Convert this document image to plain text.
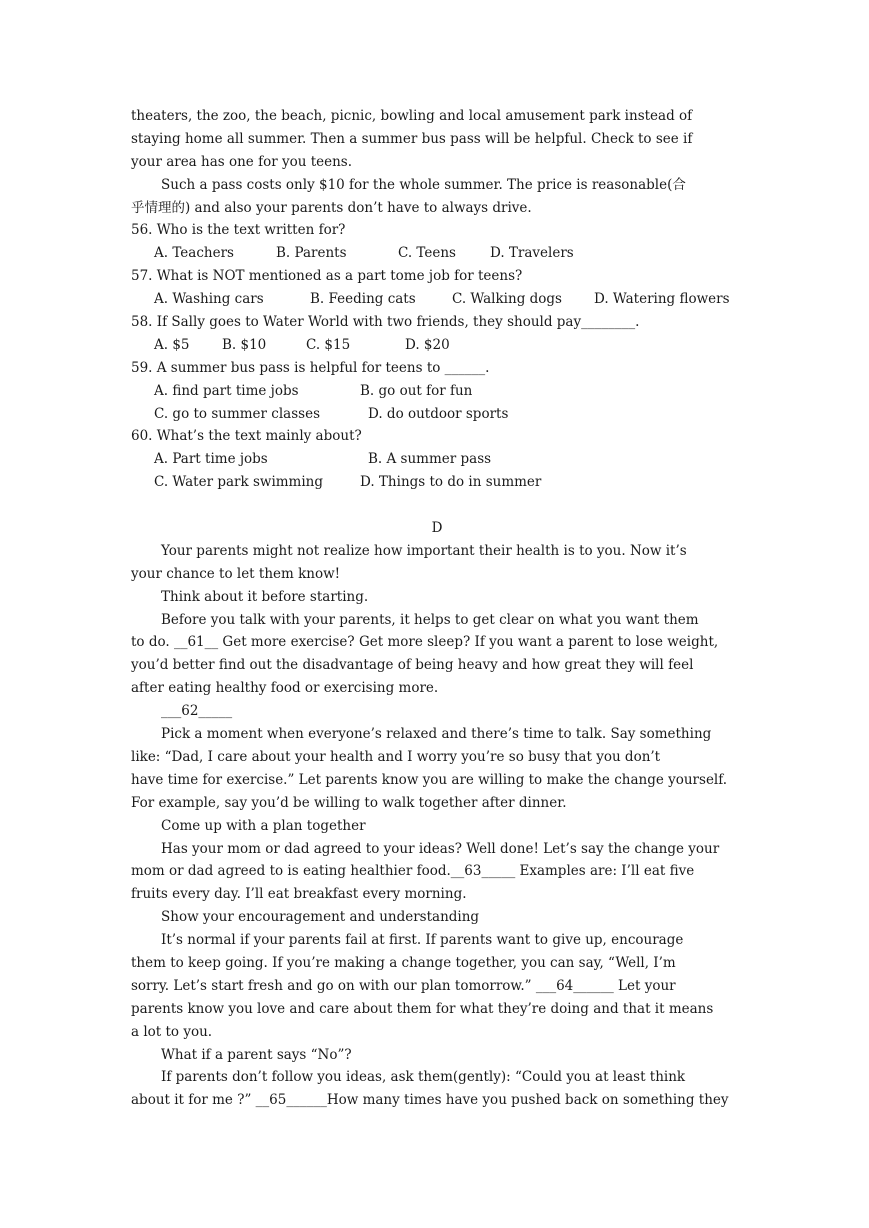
theaters, the zoo, the beach, picnic, bowling and local amusement park instead of
staying home all summer. Then a summer bus pass will be helpful. Check to see if
your area has one for you teens.
Such a pass costs only $10 for the whole summer. The price is reasonable(合
乎情理的) and also your parents don’t have to always drive.
56. Who is the text written for?
A. Teachers	B. Parents	C. Teens	D. Travelers
57. What is NOT mentioned as a part tome job for teens?
A. Washing cars	B. Feeding cats	C. Walking dogs	D. Watering flowers
58. If Sally goes to Water World with two friends, they should pay________.
A. $5	B. $10	C. $15	D. $20
59. A summer bus pass is helpful for teens to ______.
A. find part time jobs	B. go out for fun
C. go to summer classes	D. do outdoor sports
60. What’s the text mainly about?
A. Part time jobs	B. A summer pass
C. Water park swimming	D. Things to do in summer
D
Your parents might not realize how important their health is to you. Now it’s
your chance to let them know!
Think about it before starting.
Before you talk with your parents, it helps to get clear on what you want them
to do. __61__ Get more exercise? Get more sleep? If you want a parent to lose weight,
you’d better find out the disadvantage of being heavy and how great they will feel
after eating healthy food or exercising more.
___62_____
Pick a moment when everyone’s relaxed and there’s time to talk. Say something
like: “Dad, I care about your health and I worry you’re so busy that you don’t
have time for exercise.” Let parents know you are willing to make the change yourself.
For example, say you’d be willing to walk together after dinner.
Come up with a plan together
Has your mom or dad agreed to your ideas? Well done! Let’s say the change your
mom or dad agreed to is eating healthier food.__63_____ Examples are: I’ll eat five
fruits every day. I’ll eat breakfast every morning.
Show your encouragement and understanding
It’s normal if your parents fail at first. If parents want to give up, encourage
them to keep going. If you’re making a change together, you can say, “Well, I’m
sorry. Let’s start fresh and go on with our plan tomorrow.” ___64______ Let your
parents know you love and care about them for what they’re doing and that it means
a lot to you.
What if a parent says “No”?
If parents don’t follow you ideas, ask them(gently): “Could you at least think
about it for me ?” __65______How many times have you pushed back on something they
